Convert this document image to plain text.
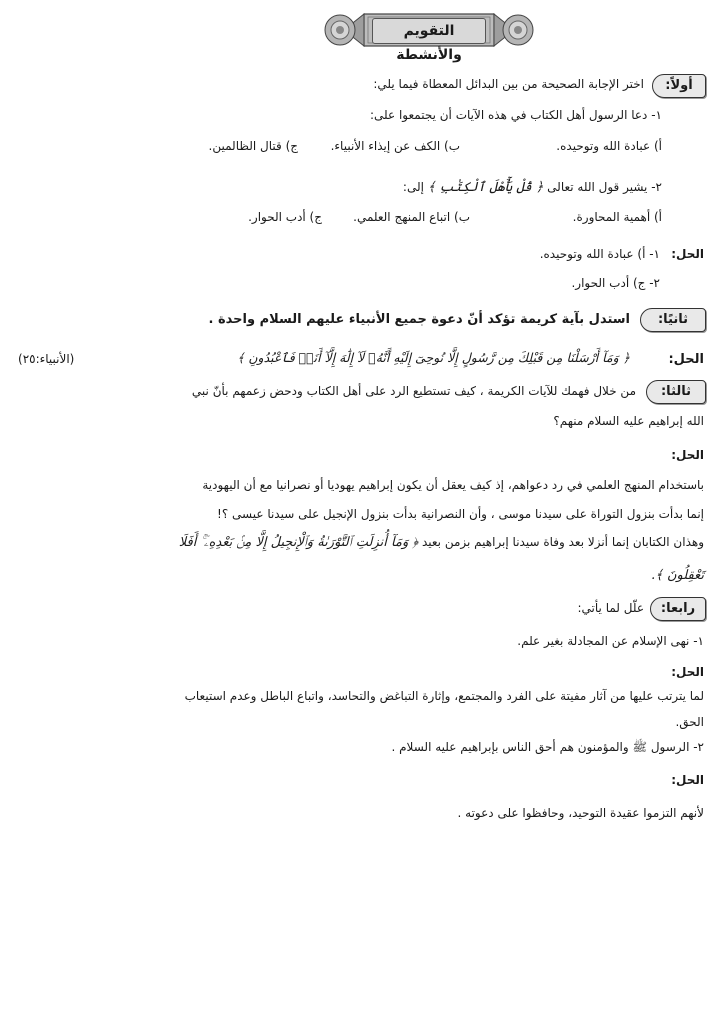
التقويم والأنشطة
أولاً:
اختر الإجابة الصحيحة من بين البدائل المعطاة فيما يلي:
١- دعا الرسول أهل الكتاب في هذه الآيات أن يجتمعوا على:
أ) عبادة الله وتوحيده.
ب) الكف عن إيذاء الأنبياء.
ج) قتال الظالمين.
٢- يشير قول الله تعالى ﴿ قُلْ يَٰٓأَهْلَ ٱلْكِتَٰبِ ﴾ إلى:
أ) أهمية المحاورة.
ب) اتباع المنهج العلمي.
ج) أدب الحوار.
الحل:
١- أ) عبادة الله وتوحيده.
٢- ج) أدب الحوار.
ثانيًا:
استدل بآية كريمة تؤكد أنّ دعوة جميع الأنبياء عليهم السلام واحدة .
الحل:
﴿ وَمَآ أَرْسَلْنَا مِن قَبْلِكَ مِن رَّسُولٍ إِلَّا نُوحِىٓ إِلَيْهِ أَنَّهُۥ لَآ إِلَٰهَ إِلَّآ أَنَا۠ فَٱعْبُدُونِ ﴾
(الأنبياء:٢٥)
ثالثا:
من خلال فهمك للآيات الكريمة ، كيف تستطيع الرد على أهل الكتاب ودحض زعمهم بأنّ نبي
الله إبراهيم عليه السلام منهم؟
الحل:
باستخدام المنهج العلمي في رد دعواهم، إذ كيف يعقل أن يكون إبراهيم يهوديا أو نصرانيا مع أن اليهودية
إنما بدأت بنزول التوراة على سيدنا موسى ، وأن النصرانية بدأت بنزول الإنجيل على سيدنا عيسى ؟!
وهذان الكتابان إنما أنزلا بعد وفاة سيدنا إبراهيم بزمن بعيد ﴿ وَمَآ أُنزِلَتِ ٱلتَّوْرَىٰةُ وَٱلْإِنجِيلُ إِلَّا مِنۢ بَعْدِهِۦٓ ۚ أَفَلَا
تَعْقِلُونَ ﴾.
رابعا:
علّل لما يأتي:
١- نهى الإسلام عن المجادلة بغير علم.
الحل:
لما يترتب عليها من آثار مفيتة على الفرد والمجتمع، وإثارة التباغض والتحاسد، واتباع الباطل وعدم استيعاب
الحق.
٢- الرسول ﷺ والمؤمنون هم أحق الناس بإبراهيم عليه السلام .
الحل:
لأنهم التزموا عقيدة التوحيد، وحافظوا على دعوته .
